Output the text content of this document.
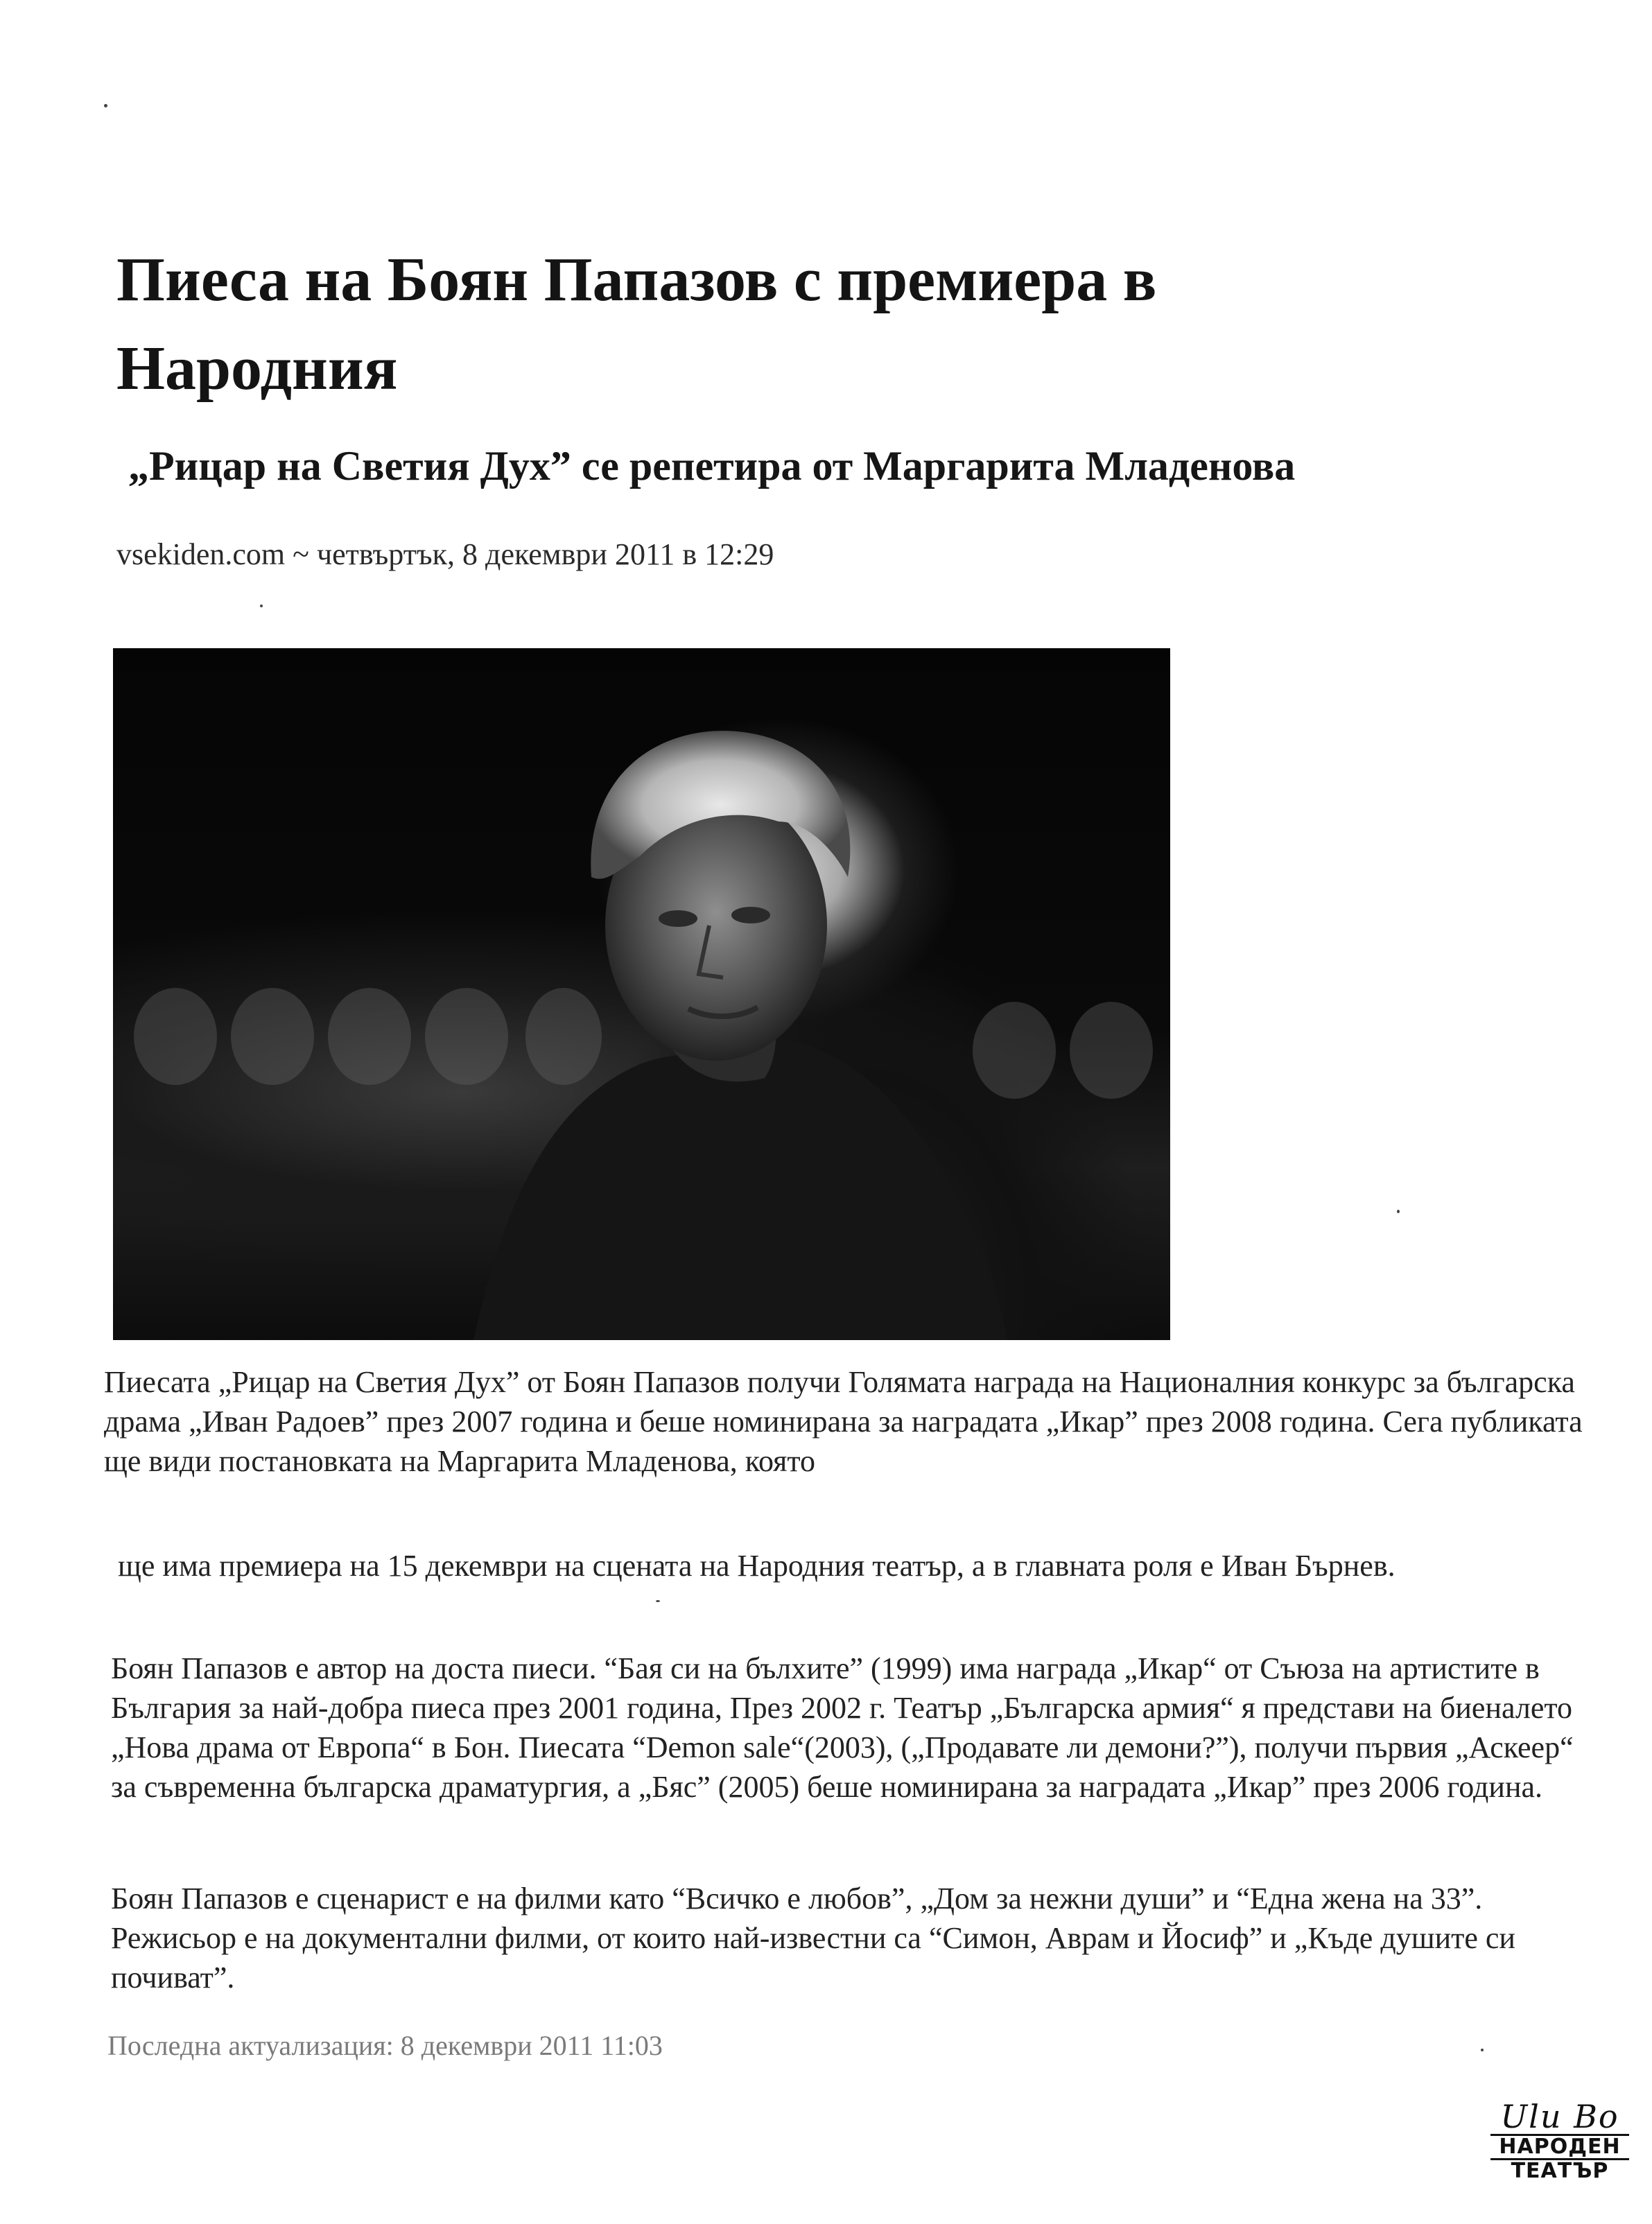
Пиеса на Боян Папазов с премиера в Народния
„Рицар на Светия Дух” се репетира от Маргарита Младенова
vsekiden.com ~ четвъртък, 8 декември 2011 в 12:29

Пиесата „Рицар на Светия Дух” от Боян Папазов получи Голямата награда на Националния конкурс за българска драма „Иван Радоев” през 2007 година и беше номинирана за наградата „Икар” през 2008 година. Сега публиката ще види постановката на Маргарита Младенова, която

ще има премиера на 15 декември на сцената на Народния театър, а в главната роля е Иван Бърнев.

Боян Папазов е автор на доста пиеси. “Бая си на бълхите” (1999) има награда „Икар“ от Съюза на артистите в България за най-добра пиеса през 2001 година, През 2002 г. Театър „Българска армия“ я представи на биеналето „Нова драма от Европа“ в Бон. Пиесата “Demon sale“(2003), („Продавате ли демони?”), получи първия „Аскеер“ за съвременна българска драматургия, а „Бяс” (2005) беше номинирана за наградата „Икар” през 2006 година.

Боян Папазов е сценарист е на филми като “Всичко е любов”, „Дом за нежни души” и “Една жена на 33”. Режисьор е на документални филми, от които най-известни са “Симон, Аврам и Йосиф” и „Къде душите си почиват”.

Последна актуализация: 8 декември 2011 11:03
Ulu Bo
НАРОДЕН
ТЕАТЪР
